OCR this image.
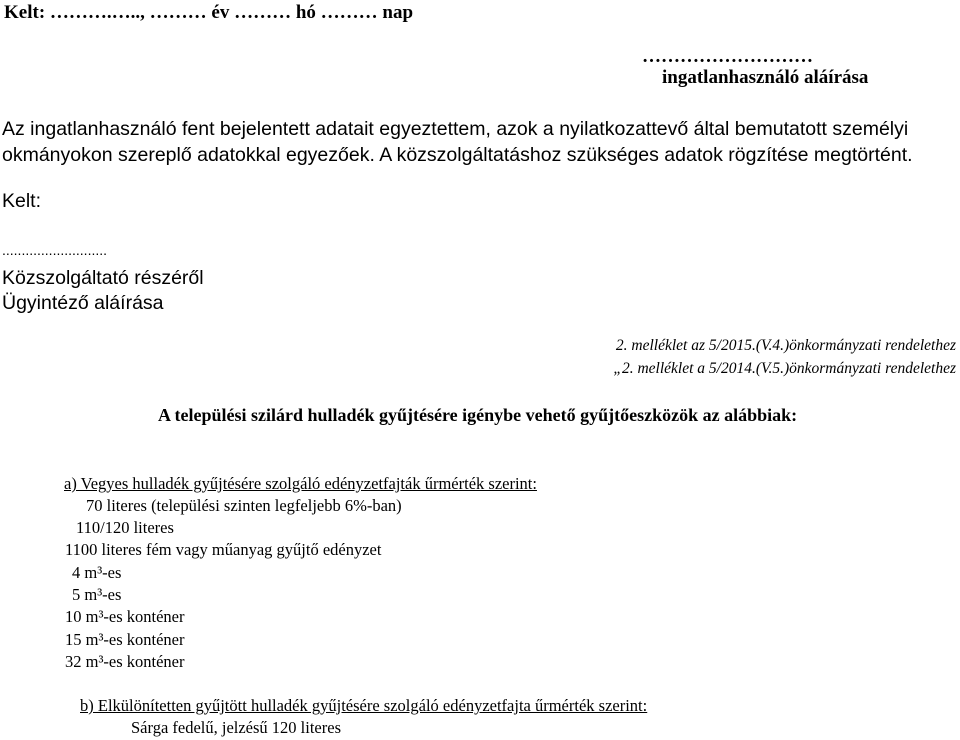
Kelt: ……….….., ……… év ……… hó ……… nap
………………………
ingatlanhasználó aláírása
Az ingatlanhasználó fent bejelentett adatait egyeztettem, azok a nyilatkozattevő által bemutatott személyi
okmányokon szereplő adatokkal egyezőek. A közszolgáltatáshoz szükséges adatok rögzítése megtörtént.
Kelt:
...........................
Közszolgáltató részéről
Ügyintéző aláírása
2. melléklet az 5/2015.(V.4.)önkormányzati rendelethez
„2. melléklet a 5/2014.(V.5.)önkormányzati rendelethez
A települési szilárd hulladék gyűjtésére igénybe vehető gyűjtőeszközök az alábbiak:
a) Vegyes hulladék gyűjtésére szolgáló edényzetfajták űrmérték szerint:
70 literes (települési szinten legfeljebb 6%-ban)
110/120 literes
1100 literes fém vagy műanyag gyűjtő edényzet
4 m³-es
5 m³-es
10 m³-es konténer
15 m³-es konténer
32 m³-es konténer
b) Elkülönítetten gyűjtött hulladék gyűjtésére szolgáló edényzetfajta űrmérték szerint:
Sárga fedelű, jelzésű 120 literes
